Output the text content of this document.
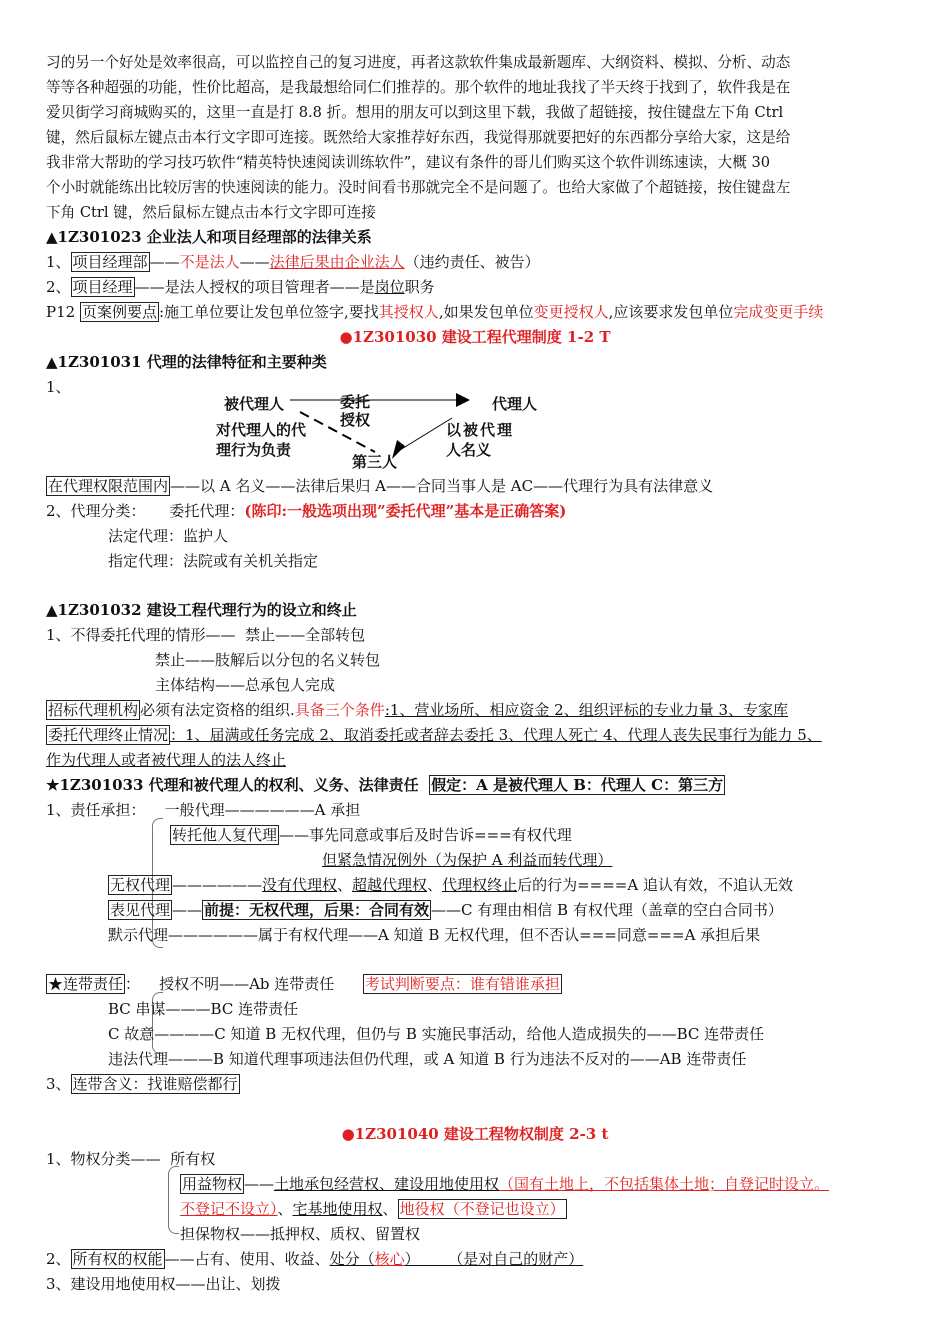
习的另一个好处是效率很高，可以监控自己的复习进度，再者这款软件集成最新题库、大纲资料、模拟、分析、动态
等等各种超强的功能，性价比超高，是我最想给同仁们推荐的。那个软件的地址我找了半天终于找到了，软件我是在
爱贝街学习商城购买的，这里一直是打 8.8 折。想用的朋友可以到这里下载，我做了超链接，按住键盘左下角 Ctrl
键，然后鼠标左键点击本行文字即可连接。既然给大家推荐好东西，我觉得那就要把好的东西都分享给大家，这是给
我非常大帮助的学习技巧软件“精英特快速阅读训练软件”，建议有条件的哥儿们购买这个软件训练速读，大概 30
个小时就能练出比较厉害的快速阅读的能力。没时间看书那就完全不是问题了。也给大家做了个超链接，按住键盘左
下角 Ctrl 键，然后鼠标左键点击本行文字即可连接
▲1Z301023 企业法人和项目经理部的法律关系
1、 项目经理部 ——不是法人——法律后果由企业法人（违约责任、被告）
2、 项目经理 ——是法人授权的项目管理者——是岗位职务
P12 页案例要点 :施工单位要让发包单位签字,要找其授权人,如果发包单位变更授权人,应该要求发包单位完成变更手续
●1Z301030 建设工程代理制度 1-2 T
▲1Z301031 代理的法律特征和主要种类
1、
被代理人	委托
授权
代理人
对代理人的代
理行为负责
以被代理
人名义
第三人
在代理权限范围内 ——以 A 名义——法律后果归 A——合同当事人是 AC——代理行为具有法律意义
2、代理分类：     委托代理：(陈印:一般选项出现”委托代理”基本是正确答案)
法定代理：监护人
指定代理：法院或有关机关指定
▲1Z301032 建设工程代理行为的设立和终止
1、不得委托代理的情形——  禁止——全部转包
禁止——肢解后以分包的名义转包
主体结构——总承包人完成
招标代理机构 必须有法定资格的组织.具备三个条件:1、营业场所、相应资金 2、组织评标的专业力量 3、专家库
委托代理终止情况 ：1、届满或任务完成 2、取消委托或者辞去委托 3、代理人死亡 4、代理人丧失民事行为能力 5、
作为代理人或者被代理人的法人终止
★1Z301033 代理和被代理人的权利、义务、法律责任 假定：A 是被代理人 B：代理人 C：第三方
1、责任承担：    一般代理——————A 承担
转托他人复代理 ——事先同意或事后及时告诉===有权代理
但紧急情况例外（为保护 A 利益而转代理）
无权代理 ——————没有代理权、超越代理权、代理权终止后的行为====A 追认有效，不追认无效
表见代理 —— 前提：无权代理，后果：合同有效 ——C 有理由相信 B 有权代理（盖章的空白合同书）
默示代理——————属于有权代理——A 知道 B 无权代理，但不否认===同意===A 承担后果
★连带责任 ：    授权不明——Ab 连带责任 考试判断要点：谁有错谁承担
BC 串谋———BC 连带责任
C 故意————C 知道 B 无权代理，但仍与 B 实施民事活动，给他人造成损失的——BC 连带责任
违法代理———B 知道代理事项违法但仍代理，或 A 知道 B 行为违法不反对的——AB 连带责任
3、 连带含义：找谁赔偿都行
●1Z301040 建设工程物权制度 2-3 t
1、物权分类——  所有权
用益物权 ——土地承包经营权、建设用地使用权（国有土地上，不包括集体土地；自登记时设立。
不登记不设立）、宅基地使用权、 地役权（不登记也设立）
担保物权——抵押权、质权、留置权
2、 所有权的权能 ——占有、使用、收益、处分（核心）      （是对自己的财产）
3、建设用地使用权——出让、划拨
